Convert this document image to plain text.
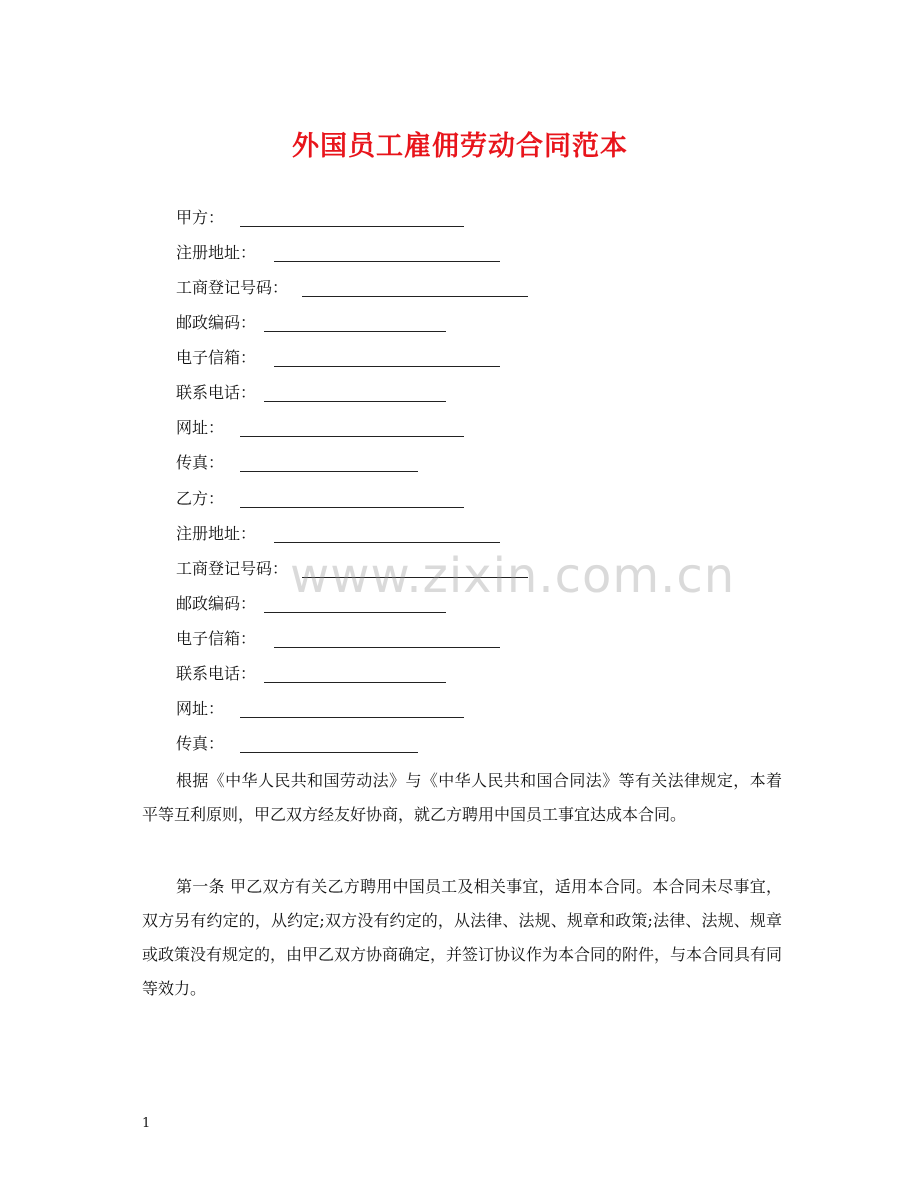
外国员工雇佣劳动合同范本
甲方：
注册地址：
工商登记号码：
邮政编码：
电子信箱：
联系电话：
网址：
传真：
乙方：
注册地址：
工商登记号码：
邮政编码：
电子信箱：
联系电话：
网址：
传真：
根据《中华人民共和国劳动法》与《中华人民共和国合同法》等有关法律规定，本着平等互利原则，甲乙双方经友好协商，就乙方聘用中国员工事宜达成本合同。
第一条 甲乙双方有关乙方聘用中国员工及相关事宜，适用本合同。本合同未尽事宜，双方另有约定的，从约定;双方没有约定的，从法律、法规、规章和政策;法律、法规、规章或政策没有规定的，由甲乙双方协商确定，并签订协议作为本合同的附件，与本合同具有同等效力。
www.zixin.com.cn
1
